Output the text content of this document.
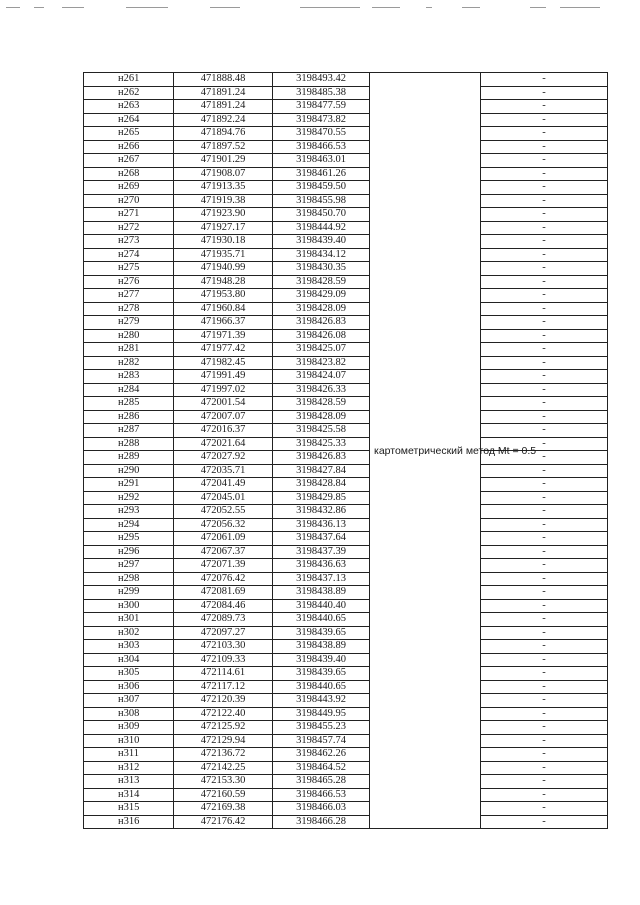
н261	471888.48	3198493.42	картометрический метод Mt = 0.5	-
н262	471891.24	3198485.38		-
н263	471891.24	3198477.59		-
н264	471892.24	3198473.82		-
н265	471894.76	3198470.55		-
н266	471897.52	3198466.53		-
н267	471901.29	3198463.01		-
н268	471908.07	3198461.26		-
н269	471913.35	3198459.50		-
н270	471919.38	3198455.98		-
н271	471923.90	3198450.70		-
н272	471927.17	3198444.92		-
н273	471930.18	3198439.40		-
н274	471935.71	3198434.12		-
н275	471940.99	3198430.35		-
н276	471948.28	3198428.59		-
н277	471953.80	3198429.09		-
н278	471960.84	3198428.09		-
н279	471966.37	3198426.83		-
н280	471971.39	3198426.08		-
н281	471977.42	3198425.07		-
н282	471982.45	3198423.82		-
н283	471991.49	3198424.07		-
н284	471997.02	3198426.33		-
н285	472001.54	3198428.59		-
н286	472007.07	3198428.09		-
н287	472016.37	3198425.58		-
н288	472021.64	3198425.33		-
н289	472027.92	3198426.83		-
н290	472035.71	3198427.84		-
н291	472041.49	3198428.84		-
н292	472045.01	3198429.85		-
н293	472052.55	3198432.86		-
н294	472056.32	3198436.13		-
н295	472061.09	3198437.64		-
н296	472067.37	3198437.39		-
н297	472071.39	3198436.63		-
н298	472076.42	3198437.13		-
н299	472081.69	3198438.89		-
н300	472084.46	3198440.40		-
н301	472089.73	3198440.65		-
н302	472097.27	3198439.65		-
н303	472103.30	3198438.89		-
н304	472109.33	3198439.40		-
н305	472114.61	3198439.65		-
н306	472117.12	3198440.65		-
н307	472120.39	3198443.92		-
н308	472122.40	3198449.95		-
н309	472125.92	3198455.23		-
н310	472129.94	3198457.74		-
н311	472136.72	3198462.26		-
н312	472142.25	3198464.52		-
н313	472153.30	3198465.28		-
н314	472160.59	3198466.53		-
н315	472169.38	3198466.03		-
н316	472176.42	3198466.28		-
